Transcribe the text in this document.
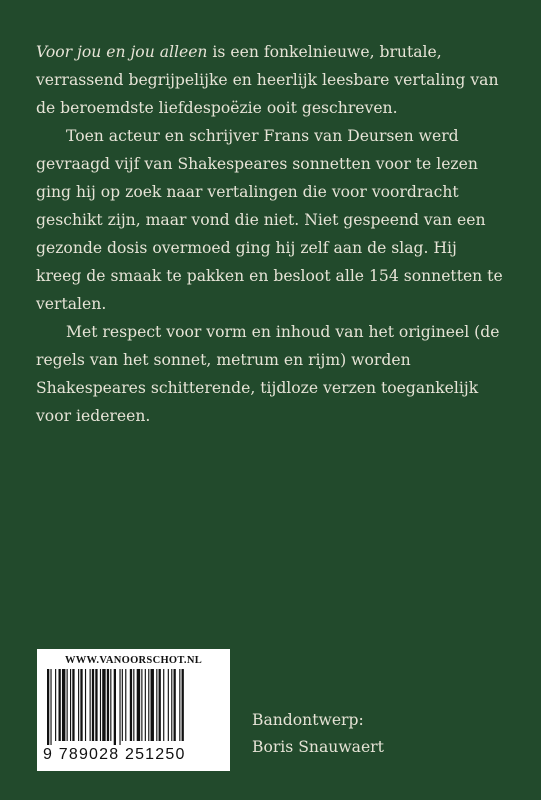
Voor jou en jou alleen is een fonkelnieuwe, brutale, verrassend begrijpelijke en heerlijk leesbare vertaling van de beroemdste liefdespoëzie ooit geschreven.

Toen acteur en schrijver Frans van Deursen werd gevraagd vijf van Shakespeares sonnetten voor te lezen ging hij op zoek naar vertalingen die voor voordracht geschikt zijn, maar vond die niet. Niet gespeend van een gezonde dosis overmoed ging hij zelf aan de slag. Hij kreeg de smaak te pakken en besloot alle 154 sonnetten te vertalen.

Met respect voor vorm en inhoud van het origineel (de regels van het sonnet, metrum en rijm) worden Shakespeares schitterende, tijdloze verzen toegankelijk voor iedereen.

WWW.VANOORSCHOT.NL
9 789028 251250
Bandontwerp:
Boris Snauwaert
